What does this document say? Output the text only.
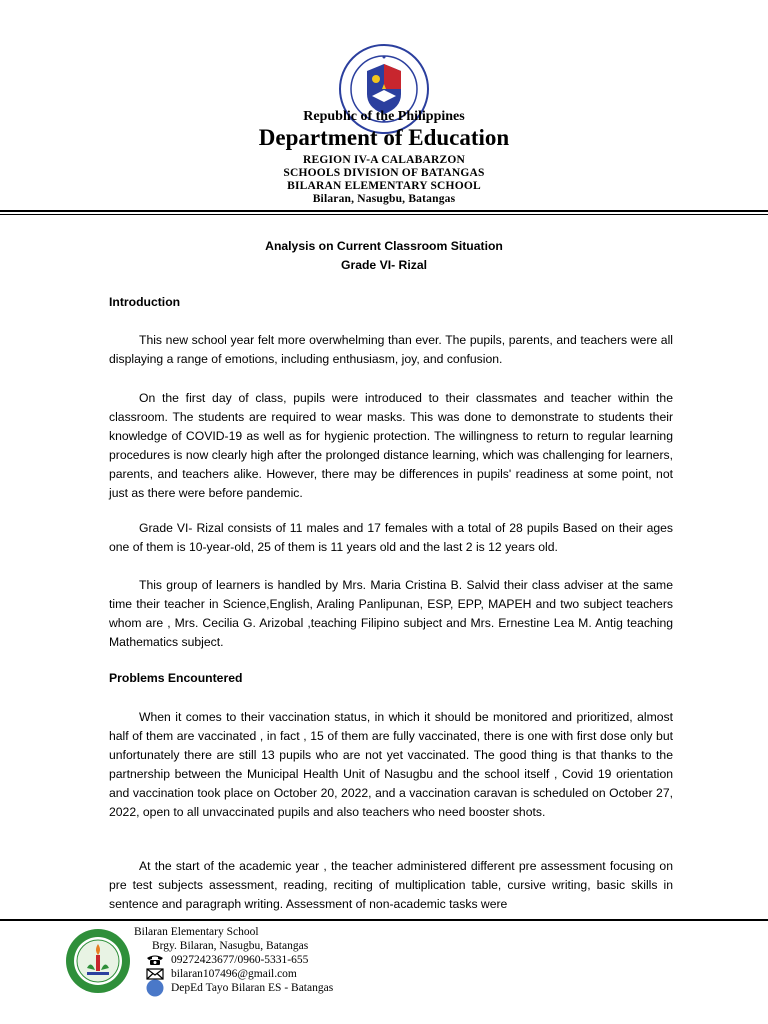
Republic of the Philippines
Department of Education
REGION IV-A CALABARZON
SCHOOLS DIVISION OF BATANGAS
BILARAN ELEMENTARY SCHOOL
Bilaran, Nasugbu, Batangas
Analysis on Current Classroom Situation
Grade VI- Rizal
Introduction
This new school year felt more overwhelming than ever. The pupils, parents, and teachers were all displaying a range of emotions, including enthusiasm, joy, and confusion.
On the first day of class, pupils were introduced to their classmates and teacher within the classroom. The students are required to wear masks. This was done to demonstrate to students their knowledge of COVID-19 as well as for hygienic protection. The willingness to return to regular learning procedures is now clearly high after the prolonged distance learning, which was challenging for learners, parents, and teachers alike. However, there may be differences in pupils' readiness at some point, not just as there were before pandemic.
Grade VI- Rizal consists of 11 males and 17 females with a total of 28 pupils Based on their ages one of them is 10-year-old, 25 of them is 11 years old and the last 2 is 12 years old.
This group of learners is handled by Mrs. Maria Cristina B. Salvid their class adviser at the same time their teacher in Science,English, Araling Panlipunan, ESP, EPP, MAPEH and two subject teachers whom are , Mrs. Cecilia G. Arizobal ,teaching Filipino subject and Mrs. Ernestine Lea M. Antig teaching Mathematics subject.
Problems Encountered
When it comes to their vaccination status, in which it should be monitored and prioritized, almost half of them are vaccinated , in fact , 15 of them are fully vaccinated, there is one with first dose only but unfortunately there are still 13 pupils who are not yet vaccinated. The good thing is that thanks to the partnership between the Municipal Health Unit of Nasugbu and the school itself , Covid 19 orientation and vaccination took place on October 20, 2022, and a vaccination caravan is scheduled on October 27, 2022, open to all unvaccinated pupils and also teachers who need booster shots.
At the start of the academic year , the teacher administered different pre assessment focusing on pre test subjects assessment, reading, reciting of multiplication table, cursive writing, basic skills in sentence and paragraph writing. Assessment of non-academic tasks were
Bilaran Elementary School
Brgy. Bilaran, Nasugbu, Batangas
09272423677/0960-5331-655
bilaran107496@gmail.com
DepEd Tayo Bilaran ES - Batangas
